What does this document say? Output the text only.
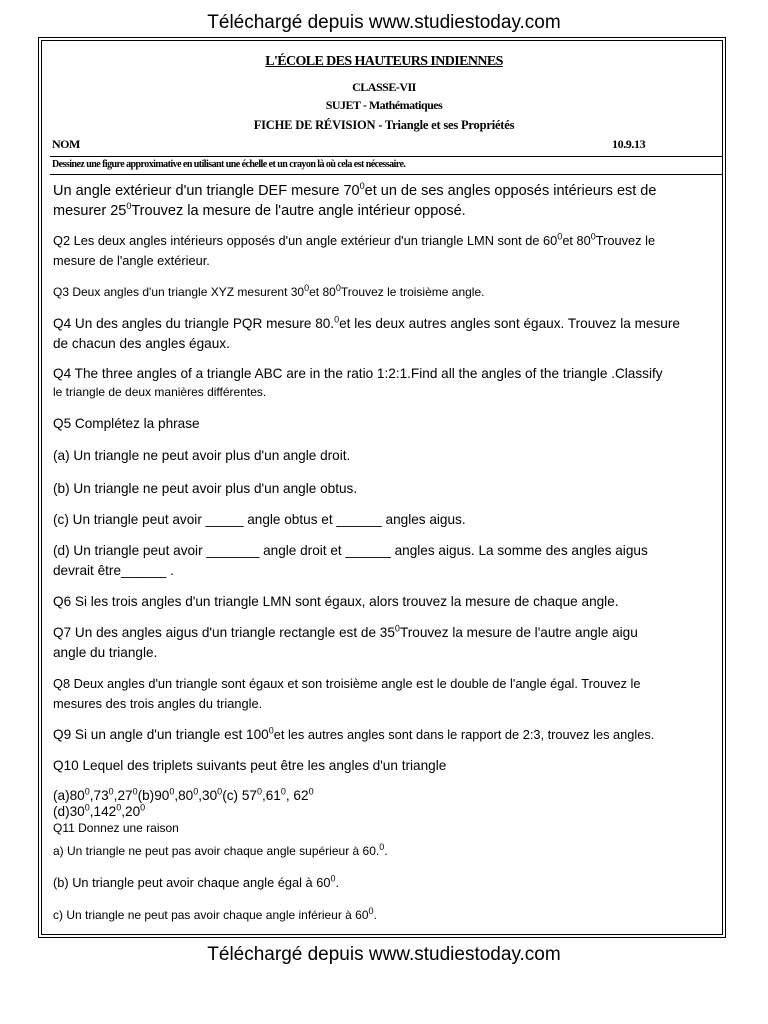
Téléchargé depuis www.studiestoday.com
L'ÉCOLE DES HAUTEURS INDIENNES
CLASSE-VII
SUJET - Mathématiques
FICHE DE RÉVISION - Triangle et ses Propriétés
NOM	10.9.13
Dessinez une figure approximative en utilisant une échelle et un crayon là où cela est nécessaire.
Un angle extérieur d'un triangle DEF mesure $70^0et$ un de ses angles opposés intérieurs est de
mesurer $25^0Trouvez$ la mesure de l'autre angle intérieur opposé.
Q2 Les deux angles intérieurs opposés d'un angle extérieur d'un triangle LMN sont de $60^0et$ $80^0Trouvez$ le
mesure de l'angle extérieur.
Q3 Deux angles d'un triangle XYZ mesurent $30^0et$ $80^0Trouvez$ le troisième angle.
Q4 Un des angles du triangle PQR mesure 80.$^0$et les deux autres angles sont égaux. Trouvez la mesure
de chacun des angles égaux.
Q4 The three angles of a triangle ABC are in the ratio 1:2:1.Find all the angles of the triangle .Classify
le triangle de deux manières différentes.
Q5 Complétez la phrase
(a) Un triangle ne peut avoir plus d'un angle droit.
(b) Un triangle ne peut avoir plus d'un angle obtus.
(c) Un triangle peut avoir _____ angle obtus et ______ angles aigus.
(d) Un triangle peut avoir _______ angle droit et ______ angles aigus. La somme des angles aigus
devrait être______ .
Q6 Si les trois angles d'un triangle LMN sont égaux, alors trouvez la mesure de chaque angle.
Q7 Un des angles aigus d'un triangle rectangle est de $35^0Trouvez$ la mesure de l'autre angle aigu
angle du triangle.
Q8 Deux angles d'un triangle sont égaux et son troisième angle est le double de l'angle égal. Trouvez le
mesures des trois angles du triangle.
Q9 Si un angle d'un triangle est $100^0et$ les autres angles sont dans le rapport de 2:3, trouvez les angles.
Q10 Lequel des triplets suivants peut être les angles d'un triangle
$(a)80^0,73^0,27^0(b)90^0,80^0,30^0(c)$ $57^0,61^0$, $62^0$
$(d)30^0,142^0,20^0$
Q11 Donnez une raison
a) Un triangle ne peut pas avoir chaque angle supérieur à 60.$^0$.
(b) Un triangle peut avoir chaque angle égal à $60^0$.
c) Un triangle ne peut pas avoir chaque angle inférieur à $60^0$.
Téléchargé depuis www.studiestoday.com
